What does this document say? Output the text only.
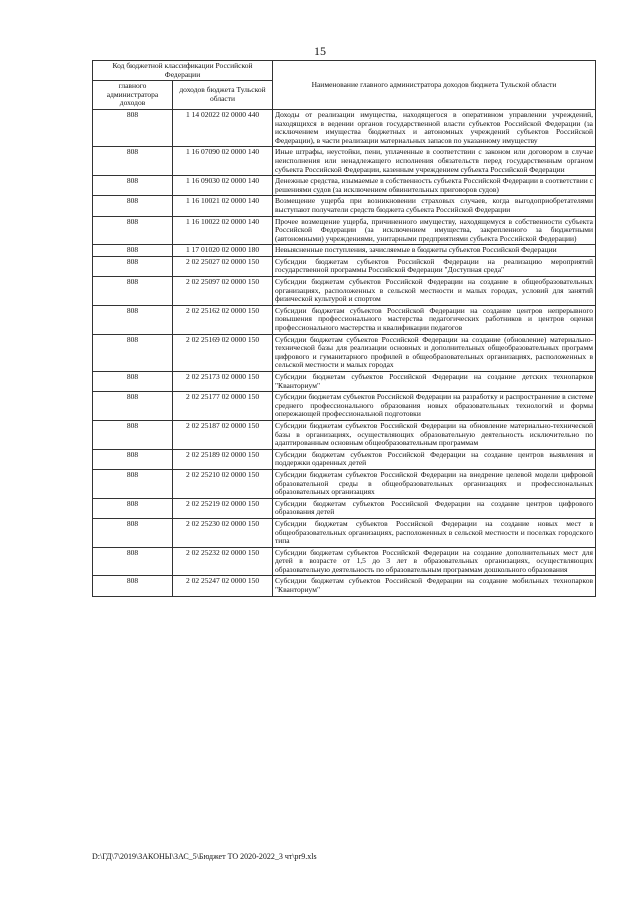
15
Код бюджетной классификации Российской Федерации		Наименование главного администратора доходов бюджета Тульской области
главного администратора доходов	доходов бюджета Тульской области	
808	1 14 02022 02 0000 440	Доходы от реализации имущества, находящегося в оперативном управлении учреждений, находящихся в ведении органов государственной власти субъектов Российской Федерации (за исключением имущества бюджетных и автономных учреждений субъектов Российской Федерации), в части реализации материальных запасов по указанному имуществу
808	1 16 07090 02 0000 140	Иные штрафы, неустойки, пени, уплаченные в соответствии с законом или договором в случае неисполнения или ненадлежащего исполнения обязательств перед государственным органом субъекта Российской Федерации, казенным учреждением субъекта Российской Федерации
808	1 16 09030 02 0000 140	Денежные средства, изымаемые в собственность субъекта Российской Федерации в соответствии с решениями судов (за исключением обвинительных приговоров судов)
808	1 16 10021 02 0000 140	Возмещение ущерба при возникновении страховых случаев, когда выгодоприобретателями выступают получатели средств бюджета субъекта Российской Федерации
808	1 16 10022 02 0000 140	Прочее возмещение ущерба, причиненного имуществу, находящемуся в собственности субъекта Российской Федерации (за исключением имущества, закрепленного за бюджетными (автономными) учреждениями, унитарными предприятиями субъекта Российской Федерации)
808	1 17 01020 02 0000 180	Невыясненные поступления, зачисляемые в бюджеты субъектов Российской Федерации
808	2 02 25027 02 0000 150	Субсидии бюджетам субъектов Российской Федерации на реализацию мероприятий государственной программы Российской Федерации "Доступная среда"
808	2 02 25097 02 0000 150	Субсидии бюджетам субъектов Российской Федерации на создание в общеобразовательных организациях, расположенных в сельской местности и малых городах, условий для занятий физической культурой и спортом
808	2 02 25162 02 0000 150	Субсидии бюджетам субъектов Российской Федерации на создание центров непрерывного повышения профессионального мастерства педагогических работников и центров оценки профессионального мастерства и квалификации педагогов
808	2 02 25169 02 0000 150	Субсидии бюджетам субъектов Российской Федерации на создание (обновление) материально-технической базы для реализации основных и дополнительных общеобразовательных программ цифрового и гуманитарного профилей в общеобразовательных организациях, расположенных в сельской местности и малых городах
808	2 02 25173 02 0000 150	Субсидии бюджетам субъектов Российской Федерации на создание детских технопарков "Кванториум"
808	2 02 25177 02 0000 150	Субсидии бюджетам субъектов Российской Федерации на разработку и распространение в системе среднего профессионального образования новых образовательных технологий и формы опережающей профессиональной подготовки
808	2 02 25187 02 0000 150	Субсидии бюджетам субъектов Российской Федерации на обновление материально-технической базы в организациях, осуществляющих образовательную деятельность исключительно по адаптированным основным общеобразовательным программам
808	2 02 25189 02 0000 150	Субсидии бюджетам субъектов Российской Федерации на создание центров выявления и поддержки одаренных детей
808	2 02 25210 02 0000 150	Субсидии бюджетам субъектов Российской Федерации на внедрение целевой модели цифровой образовательной среды в общеобразовательных организациях и профессиональных образовательных организациях
808	2 02 25219 02 0000 150	Субсидии бюджетам субъектов Российской Федерации на создание центров цифрового образования детей
808	2 02 25230 02 0000 150	Субсидии бюджетам субъектов Российской Федерации на создание новых мест в общеобразовательных организациях, расположенных в сельской местности и поселках городского типа
808	2 02 25232 02 0000 150	Субсидии бюджетам субъектов Российской Федерации на создание дополнительных мест для детей в возрасте от 1,5 до 3 лет в образовательных организациях, осуществляющих образовательную деятельность по образовательным программам дошкольного образования
808	2 02 25247 02 0000 150	Субсидии бюджетам субъектов Российской Федерации на создание мобильных технопарков "Кванториум"
D:\ГД\7\2019\ЗАКОНЫ\ЗАС_5\Бюджет ТО 2020-2022_3 чт\pr9.xls
